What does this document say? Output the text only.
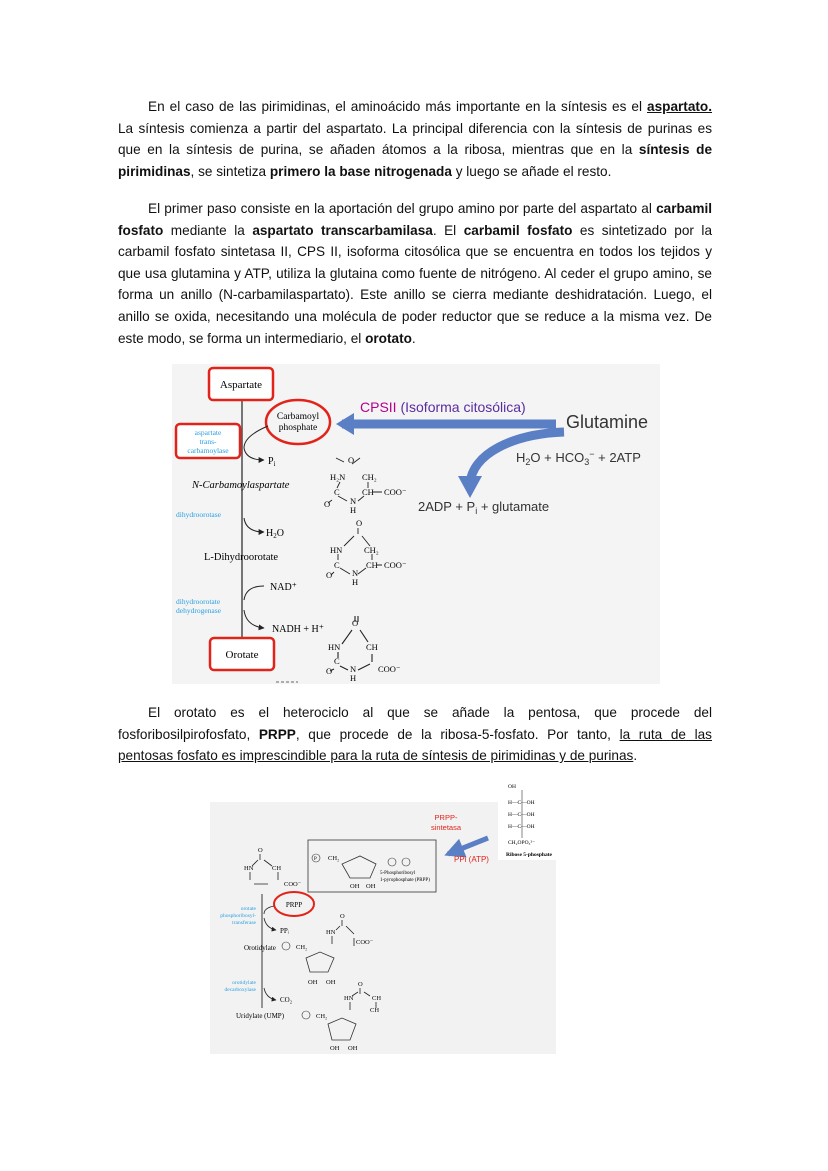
En el caso de las pirimidinas, el aminoácido más importante en la síntesis es el aspartato. La síntesis comienza a partir del aspartato. La principal diferencia con la síntesis de purinas es que en la síntesis de purina, se añaden átomos a la ribosa, mientras que en la síntesis de pirimidinas, se sintetiza primero la base nitrogenada y luego se añade el resto.

El primer paso consiste en la aportación del grupo amino por parte del aspartato al carbamil fosfato mediante la aspartato transcarbamilasa. El carbamil fosfato es sintetizado por la carbamil fosfato sintetasa II, CPS II, isoforma citosólica que se encuentra en todos los tejidos y que usa glutamina y ATP, utiliza la glutaina como fuente de nitrógeno. Al ceder el grupo amino, se forma un anillo (N-carbamilaspartato). Este anillo se cierra mediante deshidratación. Luego, el anillo se oxida, necesitando una molécula de poder reductor que se reduce a la misma vez. De este modo, se forma un intermediario, el orotato.

Aspartate
Carbamoyl
phosphate
CPSII (Isoforma citosólica)
Glutamine
$H_2O + HCO_3^- + 2ATP$
$2ADP + P_i$ + glutamate
aspartate
trans-
carbamoylase
$P_i$
N-Carbamoylaspartate
dihydroorotase
$H_2O$
L-Dihydroorotate
NAD⁺
dihydroorotate
dehydrogenase
NADH + H⁺
Orotate
O
H₂N CH₂
C	CH COO⁻
O N
H
O
HN	CH₂
CH COO⁻
C
O N
H
O
HN	CH
C
O N
H
COO⁻

El orotato es el heterociclo al que se añade la pentosa, que procede del fosforibosilpirofosfato, PRPP, que procede de la ribosa-5-fosfato. Por tanto, la ruta de las pentosas fosfato es imprescindible para la ruta de síntesis de pirimidinas y de purinas.

OH
H—C—OH
H—C—OH
H—C—OH
CH₂OPO₃²⁻
Ribose 5-phosphate
PRPP-
sintetasa
PPi (ATP)
P CH₂
OH OH
5-Phosphoribosyl
1-pyrophosphate (PRPP)
O
HN	CH
COO⁻
PRPP
orotate
phosphoribosyl-
transferase
PPᵢ
Orotidylate	CH₂
OH OH
O
HN
COO⁻
orotidylate
decarboxylase
CO₂
Uridylate (UMP)	CH₂
OH OH
O
HN	CH
CH
